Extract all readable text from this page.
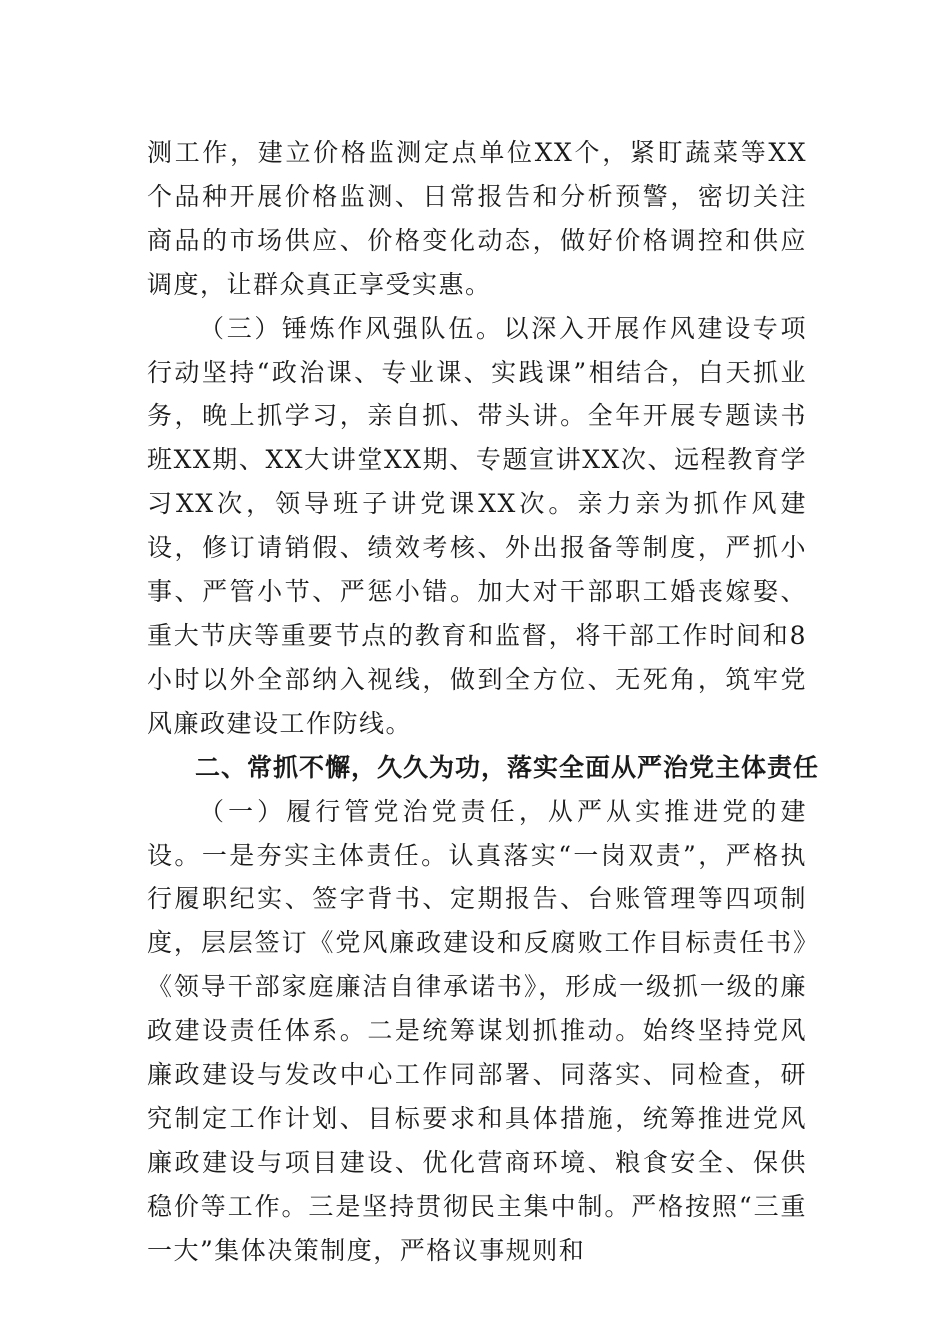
测工作，建立价格监测定点单位XX个，紧盯蔬菜等XX个品种开展价格监测、日常报告和分析预警，密切关注商品的市场供应、价格变化动态，做好价格调控和供应调度，让群众真正享受实惠。

（三）锤炼作风强队伍。以深入开展作风建设专项行动坚持“政治课、专业课、实践课”相结合，白天抓业务，晚上抓学习，亲自抓、带头讲。全年开展专题读书班XX期、XX大讲堂XX期、专题宣讲XX次、远程教育学习XX次，领导班子讲党课XX次。亲力亲为抓作风建设，修订请销假、绩效考核、外出报备等制度，严抓小事、严管小节、严惩小错。加大对干部职工婚丧嫁娶、重大节庆等重要节点的教育和监督，将干部工作时间和8小时以外全部纳入视线，做到全方位、无死角，筑牢党风廉政建设工作防线。

二、常抓不懈，久久为功，落实全面从严治党主体责任

（一）履行管党治党责任，从严从实推进党的建设。一是夯实主体责任。认真落实“一岗双责”，严格执行履职纪实、签字背书、定期报告、台账管理等四项制度，层层签订《党风廉政建设和反腐败工作目标责任书》《领导干部家庭廉洁自律承诺书》，形成一级抓一级的廉政建设责任体系。二是统筹谋划抓推动。始终坚持党风廉政建设与发改中心工作同部署、同落实、同检查，研究制定工作计划、目标要求和具体措施，统筹推进党风廉政建设与项目建设、优化营商环境、粮食安全、保供稳价等工作。三是坚持贯彻民主集中制。严格按照“三重一大”集体决策制度，严格议事规则和
